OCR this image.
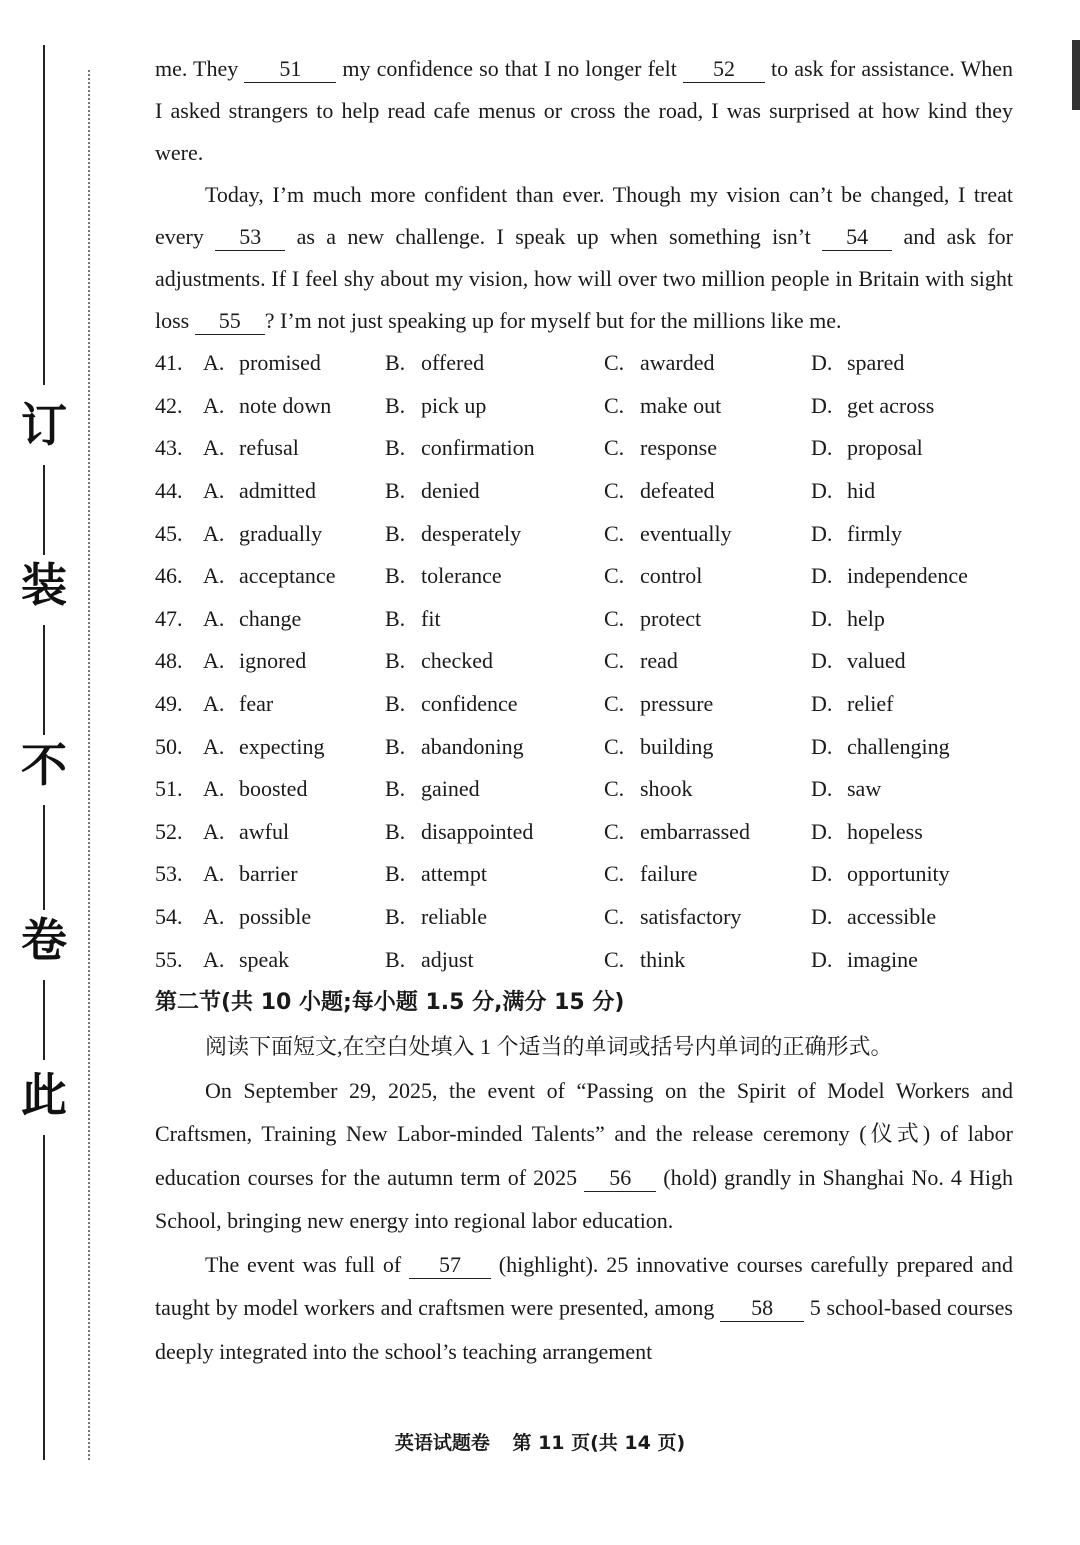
订
装
不
卷
此

me. They 51 my confidence so that I no longer felt 52 to ask for assistance. When I asked strangers to help read cafe menus or cross the road, I was surprised at how kind they were.

Today, I’m much more confident than ever. Though my vision can’t be changed, I treat every 53 as a new challenge. I speak up when something isn’t 54 and ask for adjustments. If I feel shy about my vision, how will over two million people in Britain with sight loss 55 ? I’m not just speaking up for myself but for the millions like me.

41. A. promised	B. offered	C. awarded	D. spared
42. A. note down B. pick up	C. make out	D. get across
43. A. refusal	B. confirmation	C. response	D. proposal
44. A. admitted	B. denied	C. defeated	D. hid
45. A. gradually	B. desperately	C. eventually	D. firmly
46. A. acceptance B. tolerance	C. control	D. independence
47. A. change	B. fit	C. protect	D. help
48. A. ignored	B. checked	C. read	D. valued
49. A. fear	B. confidence	C. pressure	D. relief
50. A. expecting	B. abandoning	C. building	D. challenging
51. A. boosted	B. gained	C. shook	D. saw
52. A. awful	B. disappointed	C. embarrassed	D. hopeless
53. A. barrier	B. attempt	C. failure	D. opportunity
54. A. possible	B. reliable	C. satisfactory	D. accessible
55. A. speak	B. adjust	C. think	D. imagine
第二节(共 10 小题;每小题 1.5 分,满分 15 分)

阅读下面短文,在空白处填入 1 个适当的单词或括号内单词的正确形式。

On September 29, 2025, the event of “Passing on the Spirit of Model Workers and Craftsmen, Training New Labor-minded Talents” and the release ceremony (仪式) of labor education courses for the autumn term of 2025 56 (hold) grandly in Shanghai No. 4 High School, bringing new energy into regional labor education.

The event was full of 57 (highlight). 25 innovative courses carefully prepared and taught by model workers and craftsmen were presented, among 58 5 school-based courses deeply integrated into the school’s teaching arrangement

英语试题卷 第 11 页(共 14 页)
